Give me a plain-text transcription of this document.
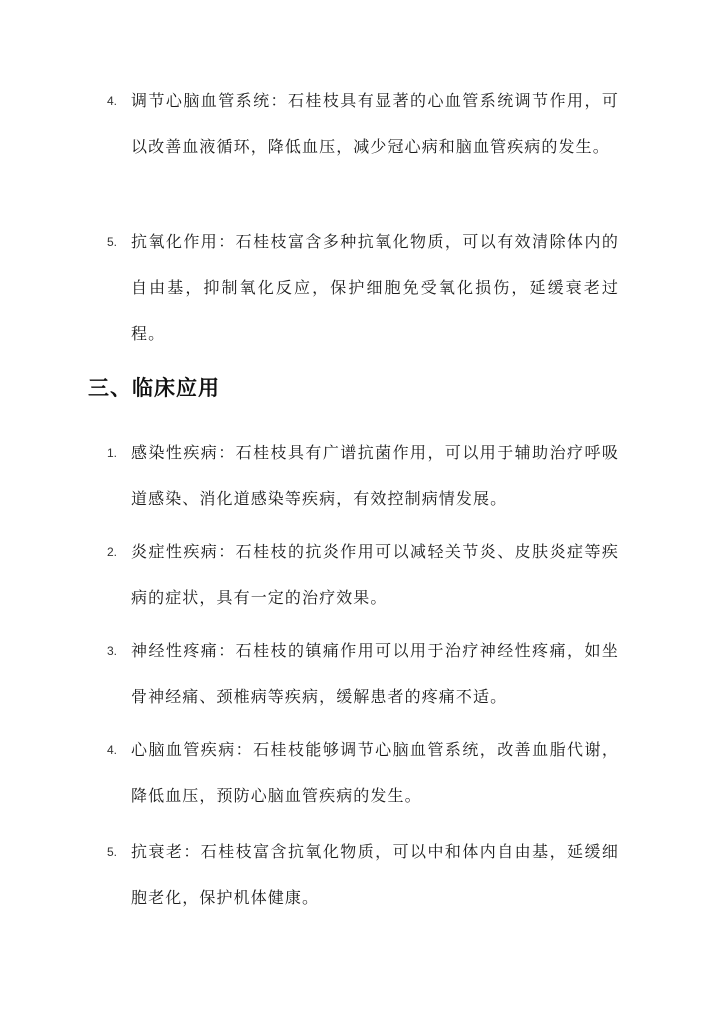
4. 调节心脑血管系统：石桂枝具有显著的心血管系统调节作用，可以改善血液循环，降低血压，减少冠心病和脑血管疾病的发生。
5. 抗氧化作用：石桂枝富含多种抗氧化物质，可以有效清除体内的自由基，抑制氧化反应，保护细胞免受氧化损伤，延缓衰老过程。
三、临床应用
1. 感染性疾病：石桂枝具有广谱抗菌作用，可以用于辅助治疗呼吸道感染、消化道感染等疾病，有效控制病情发展。
2. 炎症性疾病：石桂枝的抗炎作用可以减轻关节炎、皮肤炎症等疾病的症状，具有一定的治疗效果。
3. 神经性疼痛：石桂枝的镇痛作用可以用于治疗神经性疼痛，如坐骨神经痛、颈椎病等疾病，缓解患者的疼痛不适。
4. 心脑血管疾病：石桂枝能够调节心脑血管系统，改善血脂代谢，降低血压，预防心脑血管疾病的发生。
5. 抗衰老：石桂枝富含抗氧化物质，可以中和体内自由基，延缓细胞老化，保护机体健康。
